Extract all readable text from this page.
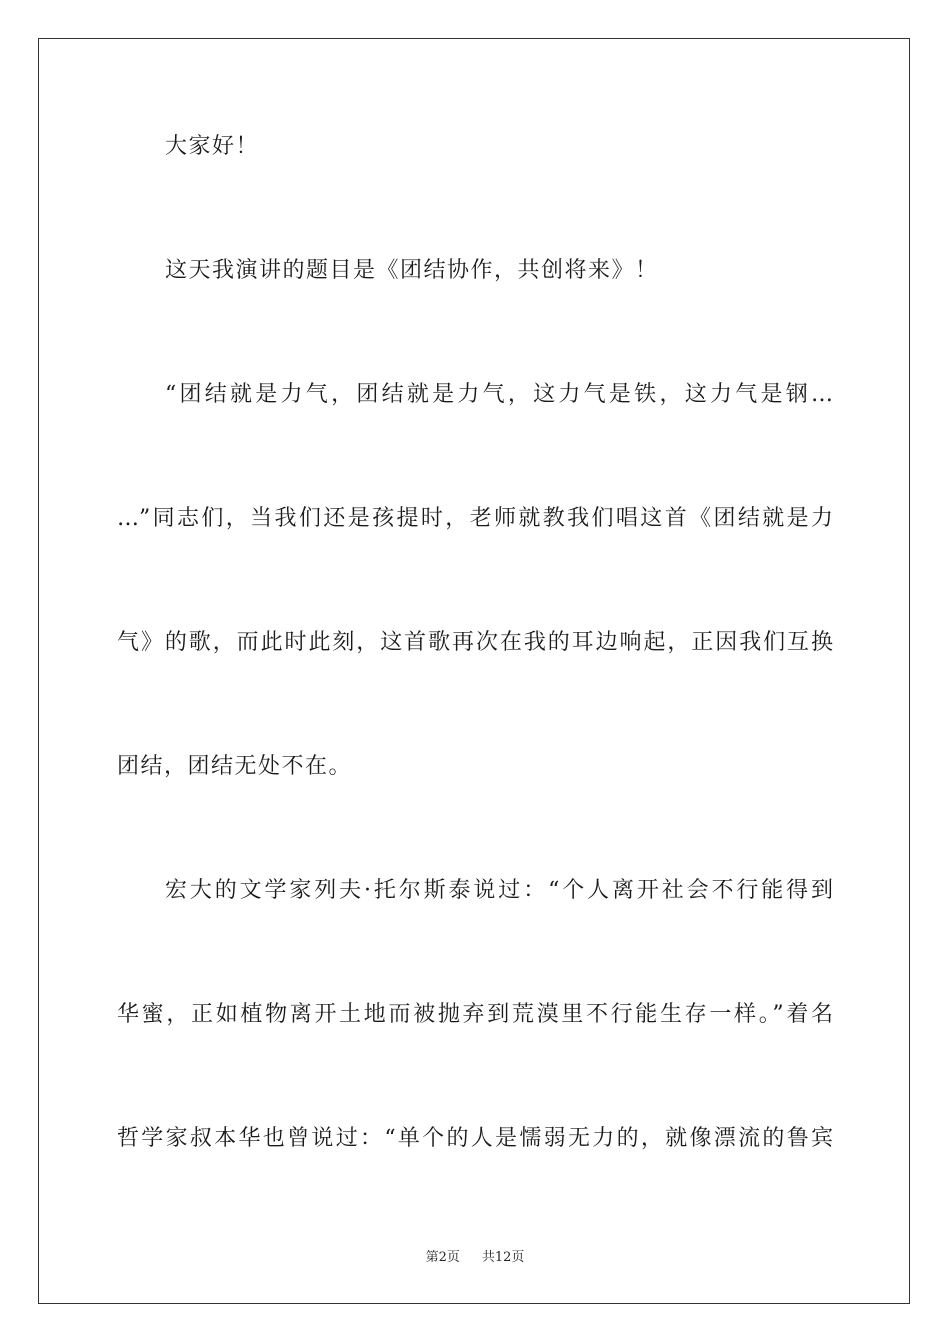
大家好！
这天我演讲的题目是《团结协作，共创将来》！
“团结就是力气，团结就是力气，这力气是铁，这力气是钢…
…”同志们，当我们还是孩提时，老师就教我们唱这首《团结就是力
气》的歌，而此时此刻，这首歌再次在我的耳边响起，正因我们互换
团结，团结无处不在。
宏大的文学家列夫·托尔斯泰说过：“个人离开社会不行能得到
华蜜，正如植物离开土地而被抛弃到荒漠里不行能生存一样。”着名
哲学家叔本华也曾说过：“单个的人是懦弱无力的，就像漂流的鲁宾
第2页 共12页
